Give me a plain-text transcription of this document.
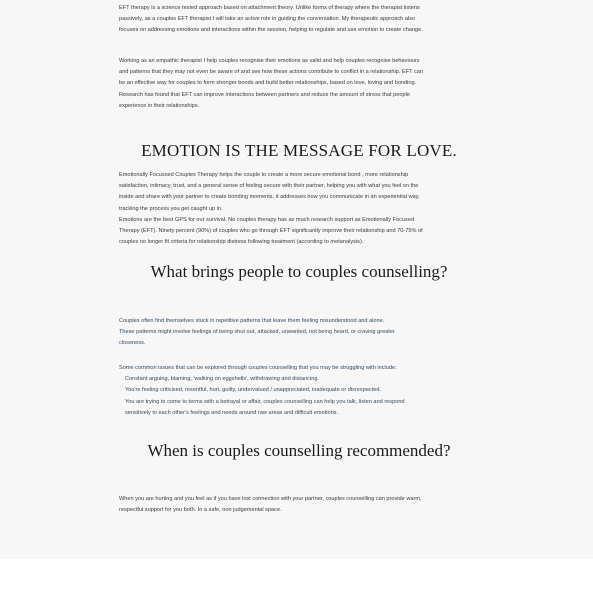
EFT therapy is a science tested approach based on attachment theory. Unlike forms of therapy where the therapist listens

passively, as a couples EFT therapist I will take an active role in guiding the conversation. My therapeutic approach also

focuses on addressing emotions and interactions within the session, helping to regulate and use emotion to create change.

Working as an empathic therapist I help couples recognise their emotions as valid and help couples recognise behaviours

and patterns that they may not even be aware of and see how these actions contribute to conflict in a relationship. EFT can

be an effective way for couples to form stronger bonds and build better relationships, based on love, loving and bonding.

Research has found that EFT can improve interactions between partners and reduce the amount of stress that people

experience in their relationships.

EMOTION IS THE MESSAGE FOR LOVE.

Emotionally Focussed Couples Therapy helps the couple to create a more secure emotional bond , more relationship

satisfaction, intimacy, trust, and a general sense of feeling secure with their partner, helping you with what you feel on the

inside and share with your partner to create bonding moments, it addresses how you communicate in an experiential way,

tracking the process you get caught up in.

Emotions are the best GPS for our survival. No couples therapy has as much research support as Emotionally Focused

Therapy (EFT). Ninety percent (90%) of couples who go through EFT significantly improve their relationship and 70-75% of

couples no longer fit criteria for relationship distress following treatment (according to metanalysis).

What brings people to couples counselling?

Couples often find themselves stuck in repetitive patterns that leave them feeling misunderstood and alone.

These patterns might involve feelings of being shut out, attacked, unwanted, not being heard, or craving greater

closeness.

Some common issues that can be explored through couples counselling that you may be struggling with include:

Constant arguing, blaming, 'walking on eggshells', withdrawing and distancing.

You're feeling criticised, resentful, hurt, guilty, undervalued / unappreciated, inadequate or disrespected.

You are trying to come to terms with a betrayal or affair, couples counselling can help you talk, listen and respond

sensitively to each other's feelings and needs around raw areas and difficult emotions.

When is couples counselling recommended?

When you are hurting and you feel as if you have lost connection with your partner, couples counselling can provide warm,

respectful support for you both. In a safe, non judgemental space.
